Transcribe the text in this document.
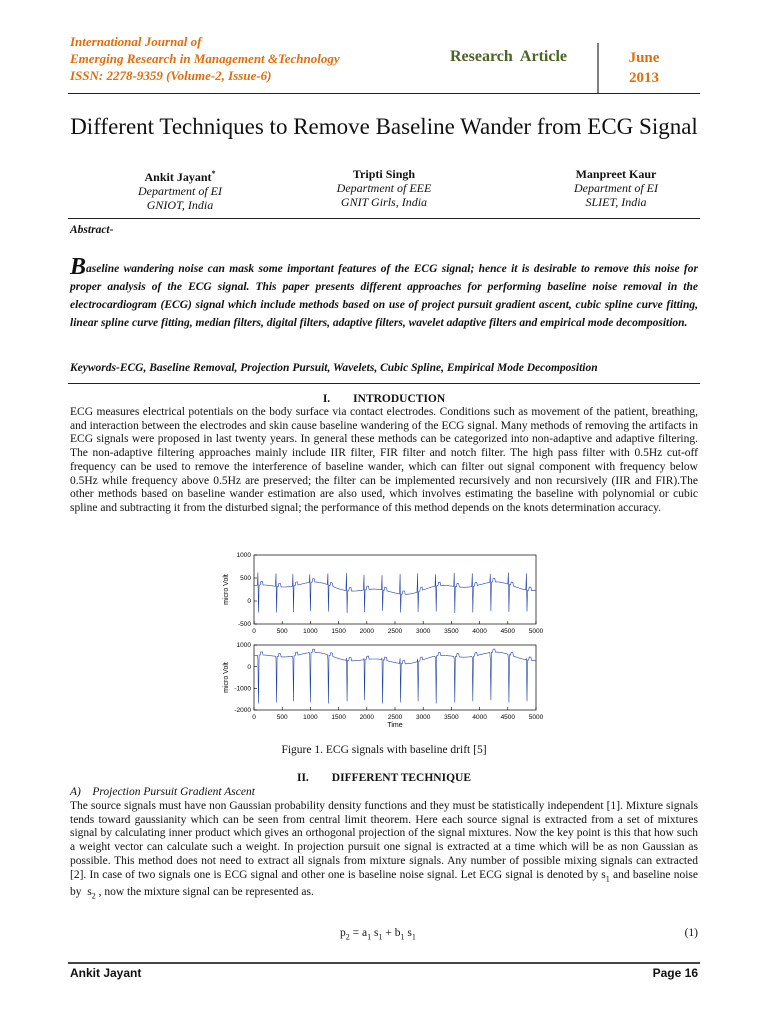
International Journal of
Emerging Research in Management &Technology
ISSN: 2278-9359 (Volume-2, Issue-6)
Research  Article	June
2013
Different Techniques to Remove Baseline Wander from ECG Signal
Ankit Jayant*
Department of EI
GNIOT, India
Tripti Singh
Department of EEE
GNIT Girls, India
Manpreet Kaur
Department of EI
SLIET, India
Abstract-
Baseline wandering noise can mask some important features of the ECG signal; hence it is desirable to remove this noise for proper analysis of the ECG signal. This paper presents different approaches for performing baseline noise removal in the electrocardiogram (ECG) signal which include methods based on use of project pursuit gradient ascent, cubic spline curve fitting, linear spline curve fitting, median filters, digital filters, adaptive filters, wavelet adaptive filters and empirical mode decomposition.
Keywords-ECG, Baseline Removal, Projection Pursuit, Wavelets, Cubic Spline, Empirical Mode Decomposition
I.        INTRODUCTION
ECG measures electrical potentials on the body surface via contact electrodes. Conditions such as movement of the patient, breathing, and interaction between the electrodes and skin cause baseline wandering of the ECG signal. Many methods of removing the artifacts in ECG signals were proposed in last twenty years. In general these methods can be categorized into non-adaptive and adaptive filtering. The non-adaptive filtering approaches mainly include IIR filter, FIR filter and notch filter. The high pass filter with 0.5Hz cut-off frequency can be used to remove the interference of baseline wander, which can filter out signal component with frequency below 0.5Hz while frequency above 0.5Hz are preserved; the filter can be implemented recursively and non recursively (IIR and FIR).The other methods based on baseline wander estimation are also used, which involves estimating the baseline with polynomial or cubic spline and subtracting it from the disturbed signal; the performance of this method depends on the knots determination accuracy.
0	500 1000 1500 2000 2500 3000 3500 4000 4500 5000
1000
500
0
-500
micro Volt
0	500 1000 1500 2000 2500 3000 3500 4000 4500 5000
1000
0
-1000
-2000
micro Volt
Time
Figure 1. ECG signals with baseline drift [5]
II.        DIFFERENT TECHNIQUE
A)    Projection Pursuit Gradient Ascent
The source signals must have non Gaussian probability density functions and they must be statistically independent [1]. Mixture signals tends toward gaussianity which can be seen from central limit theorem. Here each source signal is extracted from a set of mixtures signal by calculating inner product which gives an orthogonal projection of the signal mixtures. Now the key point is this that how such a weight vector can calculate such a weight. In projection pursuit one signal is extracted at a time which will be as non Gaussian as possible. This method does not need to extract all signals from mixture signals. Any number of possible mixing signals can extracted [2]. In case of two signals one is ECG signal and other one is baseline noise signal. Let ECG signal is denoted by $s_1$ and baseline noise by  $s_2$ , now the mixture signal can be represented as.
$p_2 = a_1$ $s_1 + b_1$ $s_1$	(1)
Ankit Jayant	Page 16
